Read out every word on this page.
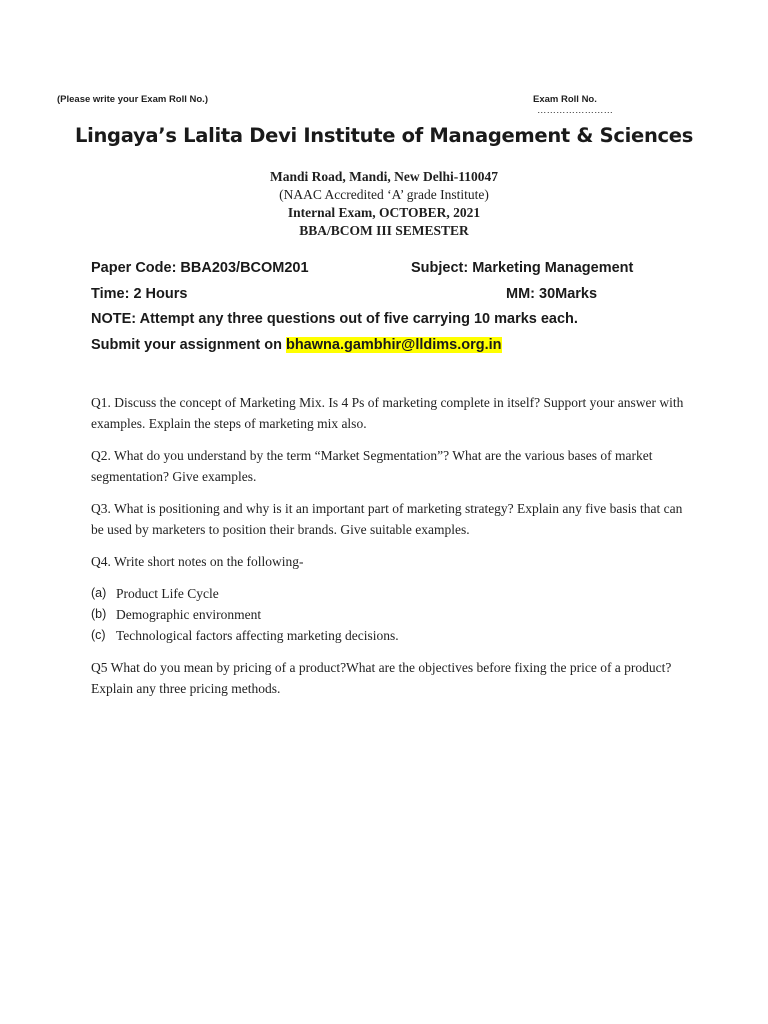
(Please write your Exam Roll No.)	Exam Roll No. ……………………
Lingaya’s Lalita Devi Institute of Management & Sciences
Mandi Road, Mandi, New Delhi-110047
(NAAC Accredited ‘A’ grade Institute)
Internal Exam, OCTOBER, 2021
BBA/BCOM III SEMESTER
Paper Code: BBA203/BCOM201	Subject: Marketing Management
Time: 2 Hours	MM: 30Marks
NOTE: Attempt any three questions out of five carrying 10 marks each.
Submit your assignment on bhawna.gambhir@lldims.org.in

Q1. Discuss the concept of Marketing Mix. Is 4 Ps of marketing complete in itself? Support your answer with examples. Explain the steps of marketing mix also.

Q2. What do you understand by the term “Market Segmentation”? What are the various bases of market segmentation? Give examples.

Q3. What is positioning and why is it an important part of marketing strategy? Explain any five basis that can be used by marketers to position their brands. Give suitable examples.

Q4. Write short notes on the following-

(a) Product Life Cycle
(b) Demographic environment
(c) Technological factors affecting marketing decisions.

Q5 What do you mean by pricing of a product?What are the objectives before fixing the price of a product?Explain any three pricing methods.
